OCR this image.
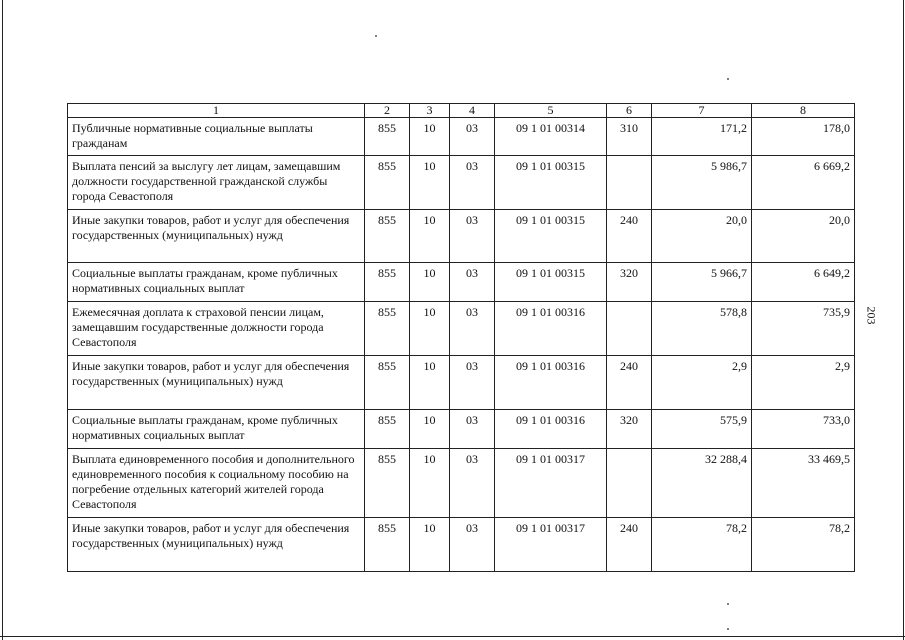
203
1	2	3	4	5	6	7	8
Публичные нормативные социальные выплаты гражданам	855	10	03	09 1 01 00314	310	171,2	178,0
Выплата пенсий за выслугу лет лицам, замещавшим должности государственной гражданской службы города Севастополя	855	10	03	09 1 01 00315		5 986,7	6 669,2
Иные закупки товаров, работ и услуг для обеспечения государственных (муниципальных) нужд	855	10	03	09 1 01 00315	240	20,0	20,0
Социальные выплаты гражданам, кроме публичных нормативных социальных выплат	855	10	03	09 1 01 00315	320	5 966,7	6 649,2
Ежемесячная доплата к страховой пенсии лицам, замещавшим государственные должности города Севастополя	855	10	03	09 1 01 00316		578,8	735,9
Иные закупки товаров, работ и услуг для обеспечения государственных (муниципальных) нужд	855	10	03	09 1 01 00316	240	2,9	2,9
Социальные выплаты гражданам, кроме публичных нормативных социальных выплат	855	10	03	09 1 01 00316	320	575,9	733,0
Выплата единовременного пособия и дополнительного единовременного пособия к социальному пособию на погребение отдельных категорий жителей города Севастополя	855	10	03	09 1 01 00317		32 288,4	33 469,5
Иные закупки товаров, работ и услуг для обеспечения государственных (муниципальных) нужд	855	10	03	09 1 01 00317	240	78,2	78,2
